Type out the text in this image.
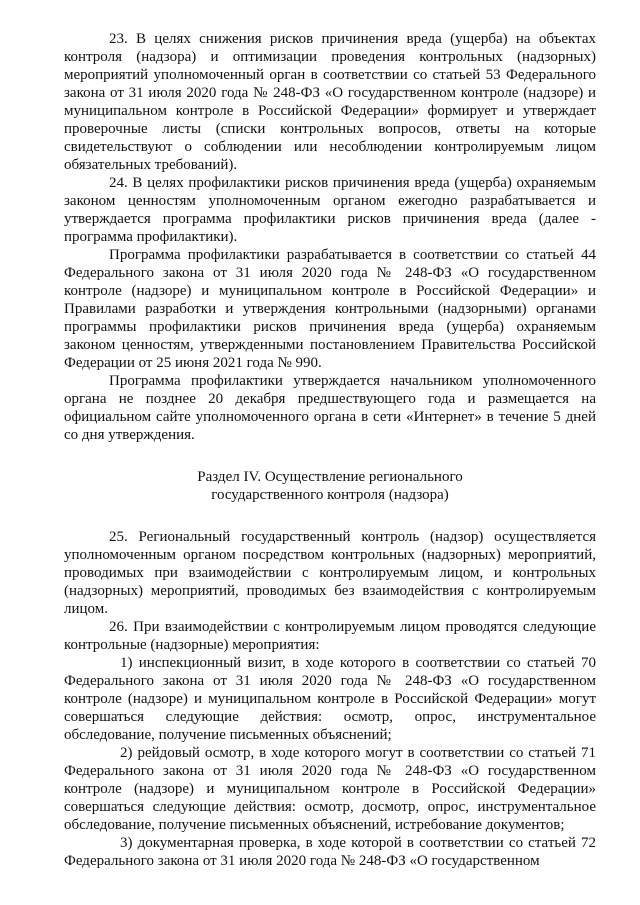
23. В целях снижения рисков причинения вреда (ущерба) на объектах контроля (надзора) и оптимизации проведения контрольных (надзорных) мероприятий уполномоченный орган в соответствии со статьей 53 Федерального закона от 31 июля 2020 года № 248-ФЗ «О государственном контроле (надзоре) и муниципальном контроле в Российской Федерации» формирует и утверждает проверочные листы (списки контрольных вопросов, ответы на которые свидетельствуют о соблюдении или несоблюдении контролируемым лицом обязательных требований).

24. В целях профилактики рисков причинения вреда (ущерба) охраняемым законом ценностям уполномоченным органом ежегодно разрабатывается и утверждается программа профилактики рисков причинения вреда (далее - программа профилактики).

Программа профилактики разрабатывается в соответствии со статьей 44 Федерального закона от 31 июля 2020 года № 248-ФЗ «О государственном контроле (надзоре) и муниципальном контроле в Российской Федерации» и Правилами разработки и утверждения контрольными (надзорными) органами программы профилактики рисков причинения вреда (ущерба) охраняемым законом ценностям, утвержденными постановлением Правительства Российской Федерации от 25 июня 2021 года № 990.

Программа профилактики утверждается начальником уполномоченного органа не позднее 20 декабря предшествующего года и размещается на официальном сайте уполномоченного органа в сети «Интернет» в течение 5 дней со дня утверждения.

Раздел IV. Осуществление регионального
государственного контроля (надзора)

25. Региональный государственный контроль (надзор) осуществляется уполномоченным органом посредством контрольных (надзорных) мероприятий, проводимых при взаимодействии с контролируемым лицом, и контрольных (надзорных) мероприятий, проводимых без взаимодействия с контролируемым лицом.

26. При взаимодействии с контролируемым лицом проводятся следующие контрольные (надзорные) мероприятия:

1) инспекционный визит, в ходе которого в соответствии со статьей 70 Федерального закона от 31 июля 2020 года № 248-ФЗ «О государственном контроле (надзоре) и муниципальном контроле в Российской Федерации» могут совершаться следующие действия: осмотр, опрос, инструментальное обследование, получение письменных объяснений;

2) рейдовый осмотр, в ходе которого могут в соответствии со статьей 71 Федерального закона от 31 июля 2020 года № 248-ФЗ «О государственном контроле (надзоре) и муниципальном контроле в Российской Федерации» совершаться следующие действия: осмотр, досмотр, опрос, инструментальное обследование, получение письменных объяснений, истребование документов;

3) документарная проверка, в ходе которой в соответствии со статьей 72 Федерального закона от 31 июля 2020 года № 248-ФЗ «О государственном
